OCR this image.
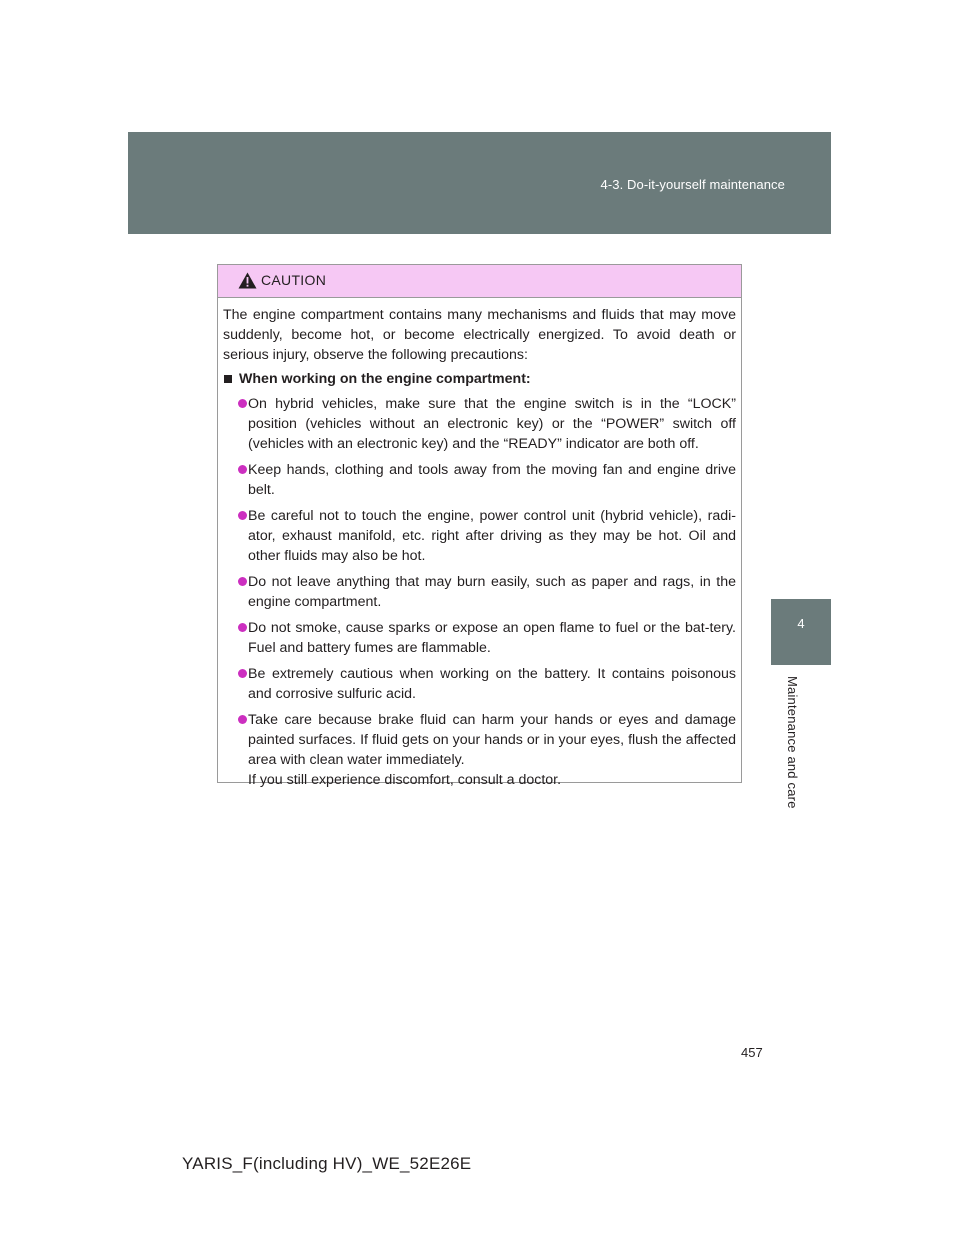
4-3. Do-it-yourself maintenance
4
Maintenance and care
CAUTION

The engine compartment contains many mechanisms and fluids that may move suddenly, become hot, or become electrically energized. To avoid death or serious injury, observe the following precautions:

When working on the engine compartment:
On hybrid vehicles, make sure that the engine switch is in the “LOCK” position (vehicles without an electronic key) or the “POWER” switch off (vehicles with an electronic key) and the “READY” indicator are both off.
Keep hands, clothing and tools away from the moving fan and engine drive belt.
Be careful not to touch the engine, power control unit (hybrid vehicle), radi-ator, exhaust manifold, etc. right after driving as they may be hot. Oil and other fluids may also be hot.
Do not leave anything that may burn easily, such as paper and rags, in the engine compartment.
Do not smoke, cause sparks or expose an open flame to fuel or the bat-tery. Fuel and battery fumes are flammable.
Be extremely cautious when working on the battery. It contains poisonous and corrosive sulfuric acid.
Take care because brake fluid can harm your hands or eyes and damage painted surfaces. If fluid gets on your hands or in your eyes, flush the affected area with clean water immediately.
If you still experience discomfort, consult a doctor.
457
YARIS_F(including HV)_WE_52E26E
